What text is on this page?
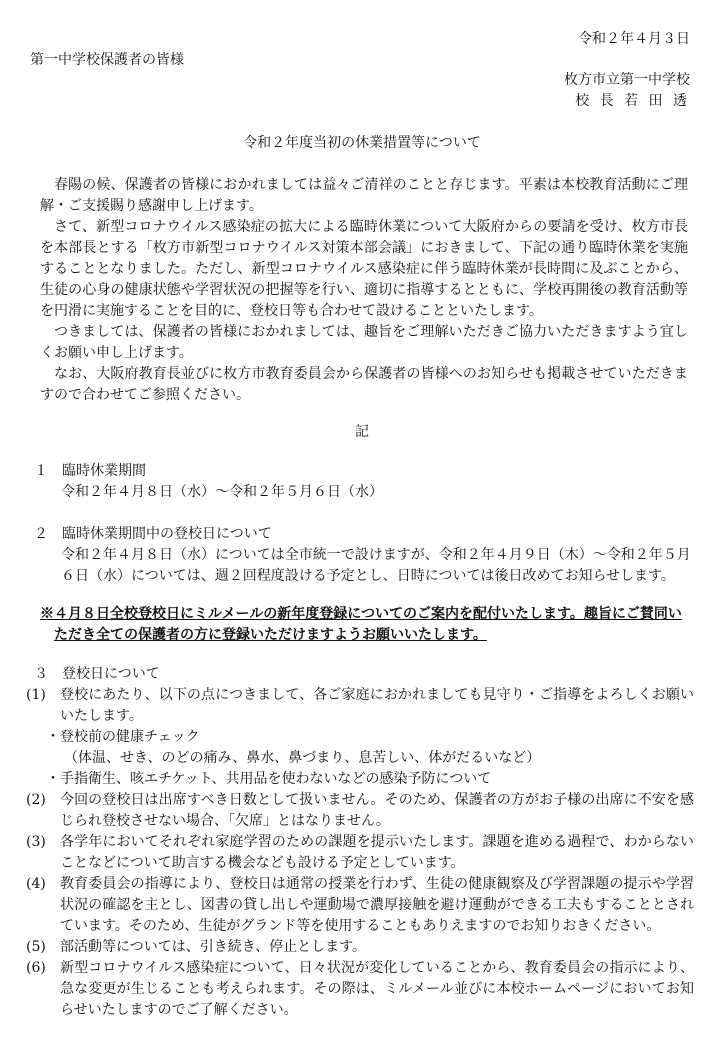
令和２年４月３日
第一中学校保護者の皆様
枚方市立第一中学校
校 長 若 田 透
令和２年度当初の休業措置等について

春陽の候、保護者の皆様におかれましては益々ご清祥のことと存じます。平素は本校教育活動にご理解・ご支援賜り感謝申し上げます。

さて、新型コロナウイルス感染症の拡大による臨時休業について大阪府からの要請を受け、枚方市長を本部長とする「枚方市新型コロナウイルス対策本部会議」におきまして、下記の通り臨時休業を実施することとなりました。ただし、新型コロナウイルス感染症に伴う臨時休業が長時間に及ぶことから、生徒の心身の健康状態や学習状況の把握等を行い、適切に指導するとともに、学校再開後の教育活動等を円滑に実施することを目的に、登校日等も合わせて設けることといたします。

つきましては、保護者の皆様におかれましては、趣旨をご理解いただきご協力いただきますよう宜しくお願い申し上げます。

なお、大阪府教育長並びに枚方市教育委員会から保護者の皆様へのお知らせも掲載させていただきますので合わせてご参照ください。

記
１　臨時休業期間
令和２年４月８日（水）～令和２年５月６日（水）
２　臨時休業期間中の登校日について
令和２年４月８日（水）については全市統一で設けますが、令和２年４月９日（木）～令和２年５月６日（水）については、週２回程度設ける予定とし、日時については後日改めてお知らせします。
※４月８日全校登校日にミルメールの新年度登録についてのご案内を配付いたします。趣旨にご賛同いただき全ての保護者の方に登録いただけますようお願いいたします。
３　登校日について
(1)	登校にあたり、以下の点につきまして、各ご家庭におかれましても見守り・ご指導をよろしくお願いいたします。
・登校前の健康チェック
（体温、せき、のどの痛み、鼻水、鼻づまり、息苦しい、体がだるいなど）
・手指衛生、咳エチケット、共用品を使わないなどの感染予防について
(2)	今回の登校日は出席すべき日数として扱いません。そのため、保護者の方がお子様の出席に不安を感じられ登校させない場合、「欠席」とはなりません。
(3)	各学年においてそれぞれ家庭学習のための課題を提示いたします。課題を進める過程で、わからないことなどについて助言する機会なども設ける予定としています。
(4)	教育委員会の指導により、登校日は通常の授業を行わず、生徒の健康観察及び学習課題の提示や学習状況の確認を主とし、図書の貸し出しや運動場で濃厚接触を避け運動ができる工夫もすることとされています。そのため、生徒がグランド等を使用することもありえますのでお知りおきください。
(5)	部活動等については、引き続き、停止とします。
(6)	新型コロナウイルス感染症について、日々状況が変化していることから、教育委員会の指示により、急な変更が生じることも考えられます。その際は、ミルメール並びに本校ホームページにおいてお知らせいたしますのでご了解ください。
